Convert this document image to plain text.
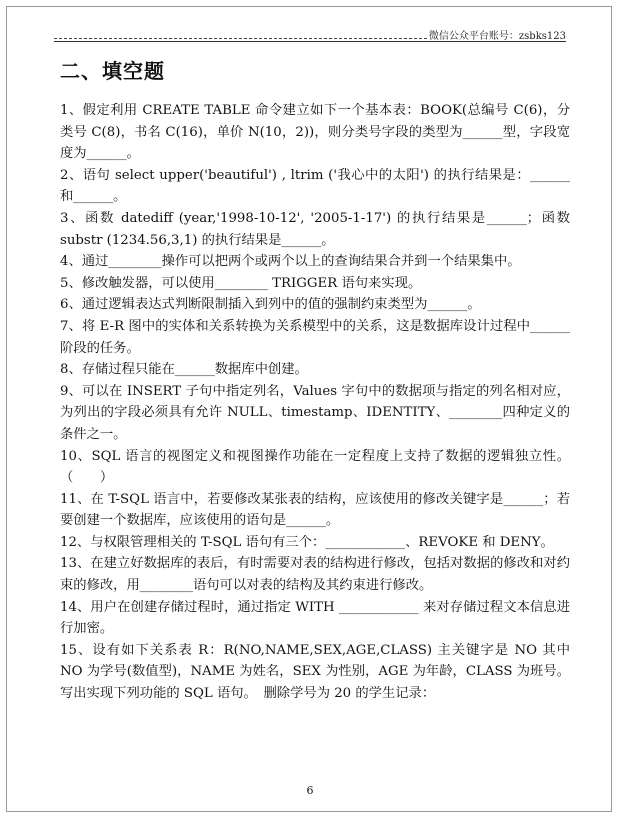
微信公众平台账号：zsbks123
二、填空题

1、假定利用 CREATE TABLE 命令建立如下一个基本表：BOOK(总编号 C(6)，分类号 C(8)，书名 C(16)，单价 N(10，2))，则分类号字段的类型为______型，字段宽度为______。

2、语句 select upper('beautiful') , ltrim ('我心中的太阳') 的执行结果是：______和______。

3、函数 datediff (year,'1998-10-12', '2005-1-17') 的执行结果是______；函数 substr (1234.56,3,1) 的执行结果是______。

4、通过________操作可以把两个或两个以上的查询结果合并到一个结果集中。

5、修改触发器，可以使用________ TRIGGER 语句来实现。

6、通过逻辑表达式判断限制插入到列中的值的强制约束类型为______。

7、将 E-R 图中的实体和关系转换为关系模型中的关系，这是数据库设计过程中______阶段的任务。

8、存储过程只能在______数据库中创建。

9、可以在 INSERT 子句中指定列名，Values 字句中的数据项与指定的列名相对应，为列出的字段必须具有允许 NULL、timestamp、IDENTITY、________四种定义的条件之一。

10、SQL 语言的视图定义和视图操作功能在一定程度上支持了数据的逻辑独立性。（　　）

11、在 T-SQL 语言中，若要修改某张表的结构，应该使用的修改关键字是______；若要创建一个数据库，应该使用的语句是______。

12、与权限管理相关的 T-SQL 语句有三个：____________、REVOKE 和 DENY。

13、在建立好数据库的表后，有时需要对表的结构进行修改，包括对数据的修改和对约束的修改，用________语句可以对表的结构及其约束进行修改。

14、用户在创建存储过程时，通过指定 WITH ____________ 来对存储过程文本信息进行加密。

15、设有如下关系表 R：R(NO,NAME,SEX,AGE,CLASS) 主关键字是 NO 其中 NO 为学号(数值型)，NAME 为姓名，SEX 为性别，AGE 为年龄，CLASS 为班号。写出实现下列功能的 SQL 语句。　删除学号为 20 的学生记录：

6
